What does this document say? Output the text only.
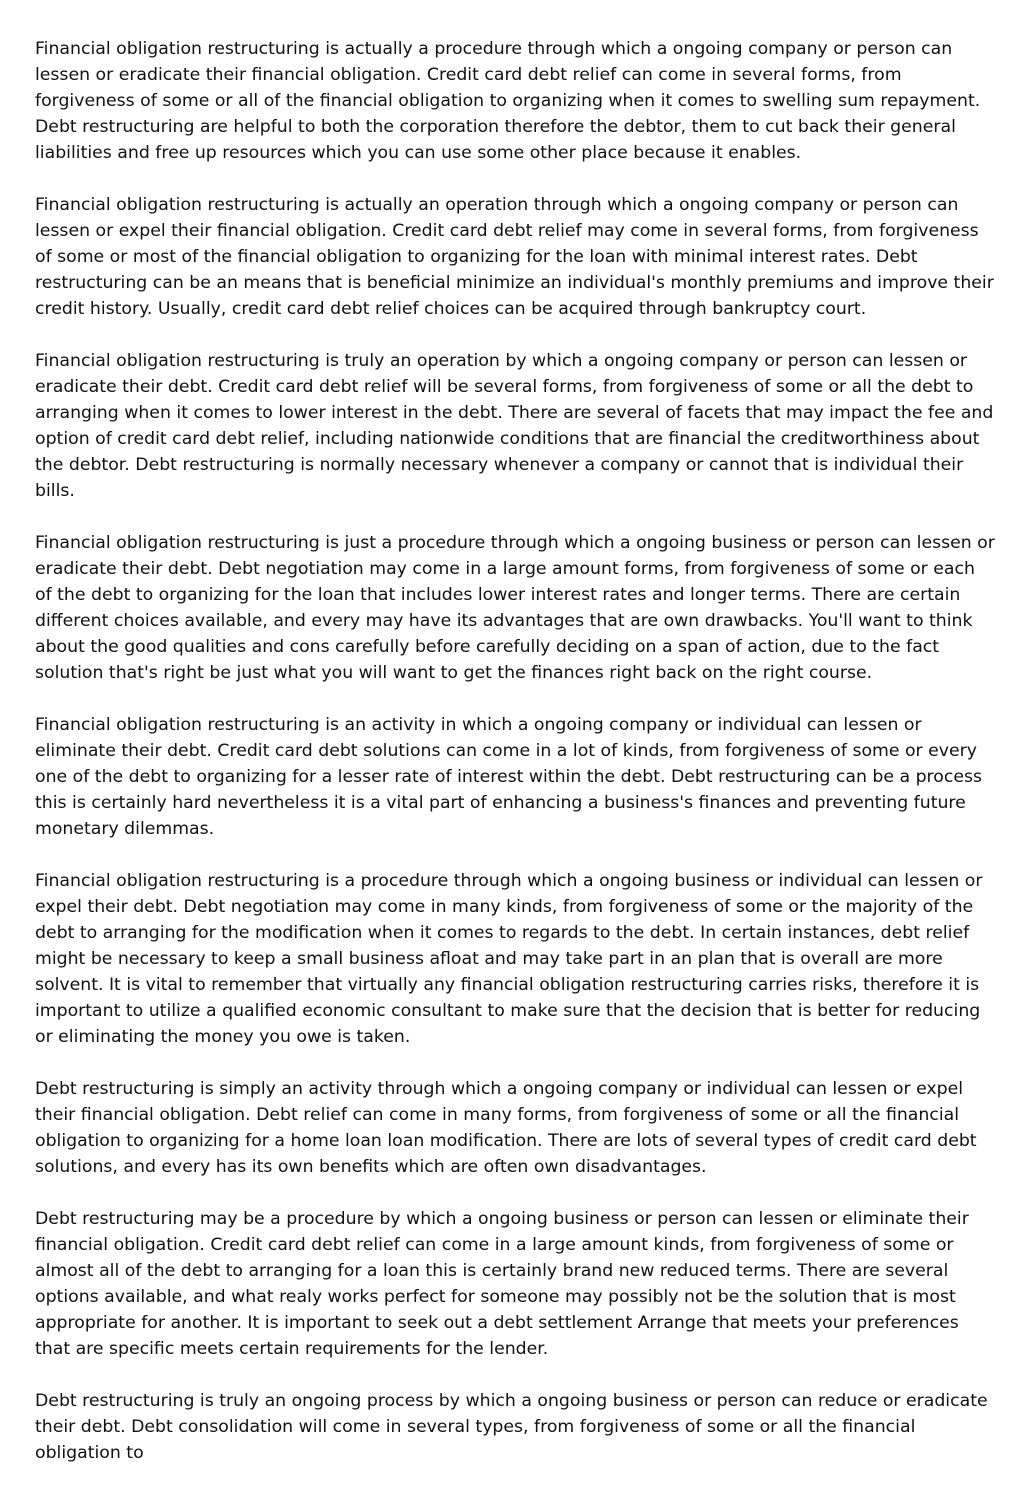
Financial obligation restructuring is actually a procedure through which a ongoing company or person can lessen or eradicate their financial obligation. Credit card debt relief can come in several forms, from forgiveness of some or all of the financial obligation to organizing when it comes to swelling sum repayment. Debt restructuring are helpful to both the corporation therefore the debtor, them to cut back their general liabilities and free up resources which you can use some other place because it enables.

Financial obligation restructuring is actually an operation through which a ongoing company or person can lessen or expel their financial obligation. Credit card debt relief may come in several forms, from forgiveness of some or most of the financial obligation to organizing for the loan with minimal interest rates. Debt restructuring can be an means that is beneficial minimize an individual's monthly premiums and improve their credit history. Usually, credit card debt relief choices can be acquired through bankruptcy court.

Financial obligation restructuring is truly an operation by which a ongoing company or person can lessen or eradicate their debt. Credit card debt relief will be several forms, from forgiveness of some or all the debt to arranging when it comes to lower interest in the debt. There are several of facets that may impact the fee and option of credit card debt relief, including nationwide conditions that are financial the creditworthiness about the debtor. Debt restructuring is normally necessary whenever a company or cannot that is individual their bills.

Financial obligation restructuring is just a procedure through which a ongoing business or person can lessen or eradicate their debt. Debt negotiation may come in a large amount forms, from forgiveness of some or each of the debt to organizing for the loan that includes lower interest rates and longer terms. There are certain different choices available, and every may have its advantages that are own drawbacks. You'll want to think about the good qualities and cons carefully before carefully deciding on a span of action, due to the fact solution that's right be just what you will want to get the finances right back on the right course.

Financial obligation restructuring is an activity in which a ongoing company or individual can lessen or eliminate their debt. Credit card debt solutions can come in a lot of kinds, from forgiveness of some or every one of the debt to organizing for a lesser rate of interest within the debt. Debt restructuring can be a process this is certainly hard nevertheless it is a vital part of enhancing a business's finances and preventing future monetary dilemmas.

Financial obligation restructuring is a procedure through which a ongoing business or individual can lessen or expel their debt. Debt negotiation may come in many kinds, from forgiveness of some or the majority of the debt to arranging for the modification when it comes to regards to the debt. In certain instances, debt relief might be necessary to keep a small business afloat and may take part in an plan that is overall are more solvent. It is vital to remember that virtually any financial obligation restructuring carries risks, therefore it is important to utilize a qualified economic consultant to make sure that the decision that is better for reducing or eliminating the money you owe is taken.

Debt restructuring is simply an activity through which a ongoing company or individual can lessen or expel their financial obligation. Debt relief can come in many forms, from forgiveness of some or all the financial obligation to organizing for a home loan loan modification. There are lots of several types of credit card debt solutions, and every has its own benefits which are often own disadvantages.

Debt restructuring may be a procedure by which a ongoing business or person can lessen or eliminate their financial obligation. Credit card debt relief can come in a large amount kinds, from forgiveness of some or almost all of the debt to arranging for a loan this is certainly brand new reduced terms. There are several options available, and what realy works perfect for someone may possibly not be the solution that is most appropriate for another. It is important to seek out a debt settlement Arrange that meets your preferences that are specific meets certain requirements for the lender.

Debt restructuring is truly an ongoing process by which a ongoing business or person can reduce or eradicate their debt. Debt consolidation will come in several types, from forgiveness of some or all the financial obligation to
